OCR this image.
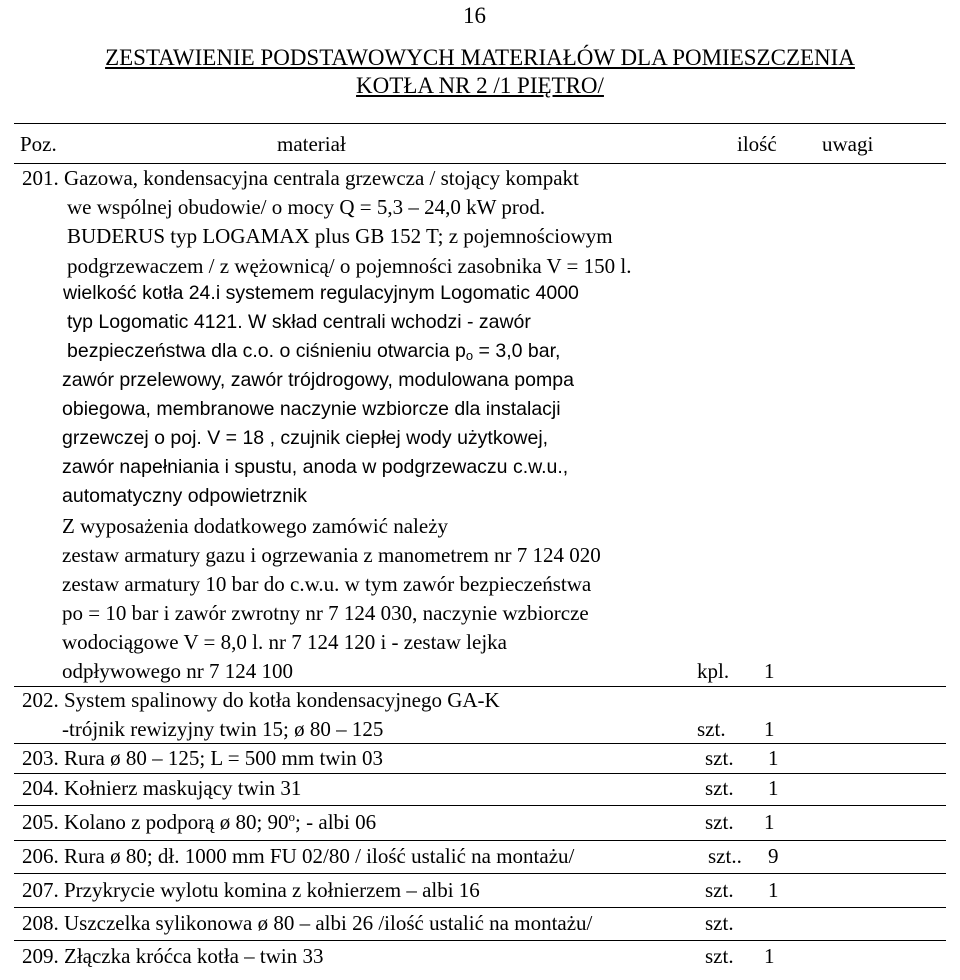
16
ZESTAWIENIE PODSTAWOWYCH MATERIAŁÓW DLA POMIESZCZENIA
KOTŁA NR 2 /1 PIĘTRO/
Poz.	materiał	ilość uwagi
201. Gazowa, kondensacyjna centrala grzewcza / stojący kompakt
we wspólnej obudowie/ o mocy Q = 5,3 – 24,0 kW prod.
BUDERUS typ LOGAMAX plus GB 152 T; z pojemnościowym
podgrzewaczem / z wężownicą/ o pojemności zasobnika V = 150 l.
wielkość kotła 24.i systemem regulacyjnym Logomatic 4000
typ Logomatic 4121. W skład centrali wchodzi - zawór
bezpieczeństwa dla c.o. o ciśnieniu otwarcia $p_o = 3,0$ bar,
zawór przelewowy, zawór trójdrogowy, modulowana pompa
obiegowa, membranowe naczynie wzbiorcze dla instalacji
grzewczej o poj. V = 18 , czujnik ciepłej wody użytkowej,
zawór napełniania i spustu, anoda w podgrzewaczu c.w.u.,
automatyczny odpowietrznik
Z wyposażenia dodatkowego zamówić należy
zestaw armatury gazu i ogrzewania z manometrem nr 7 124 020
zestaw armatury 10 bar do c.w.u. w tym zawór bezpieczeństwa
po = 10 bar i zawór zwrotny nr 7 124 030, naczynie wzbiorcze
wodociągowe V = 8,0 l. nr 7 124 120 i - zestaw lejka
odpływowego nr 7 124 100	kpl. 1
202. System spalinowy do kotła kondensacyjnego GA-K
-trójnik rewizyjny twin 15; ø 80 – 125	szt. 1
203. Rura ø 80 – 125; L = 500 mm twin 03	szt. 1
204. Kołnierz maskujący twin 31	szt. 1
205. Kolano z podporą ø 80; 90$^o$; - albi 06	szt. 1
206. Rura ø 80; dł. 1000 mm FU 02/80 / ilość ustalić na montażu/	szt.. 9
207. Przykrycie wylotu komina z kołnierzem – albi 16	szt. 1
208. Uszczelka sylikonowa ø 80 – albi 26 /ilość ustalić na montażu/	szt.
209. Złączka króćca kotła – twin 33	szt. 1
